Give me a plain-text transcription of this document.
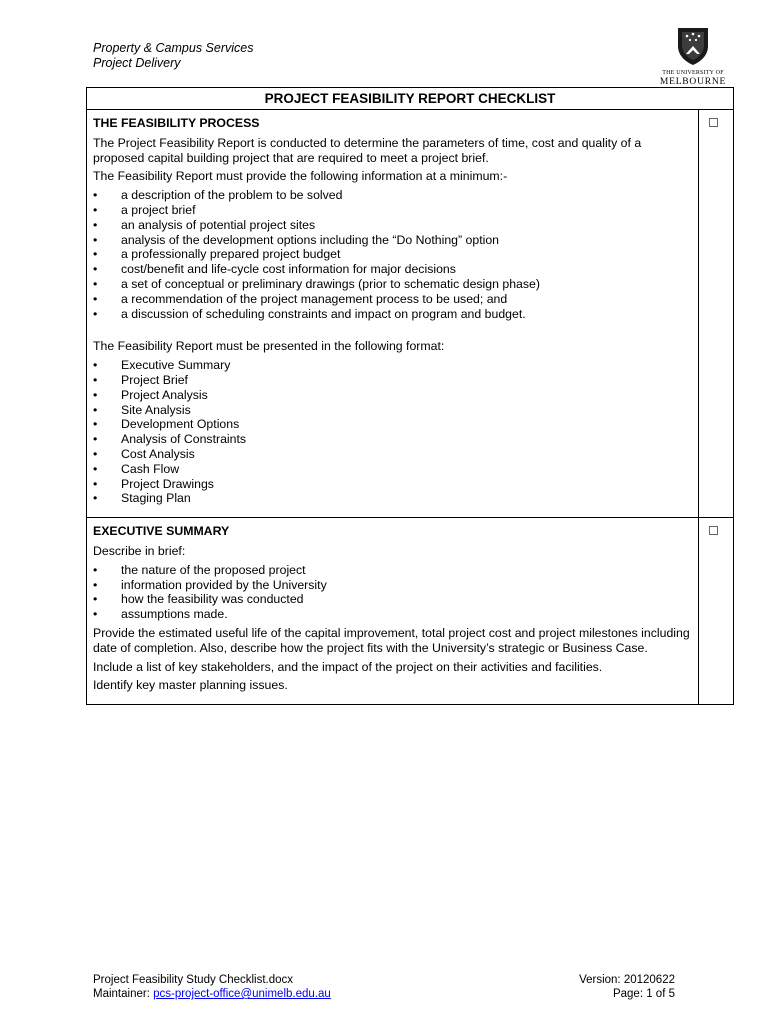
Property & Campus Services
Project Delivery
THE UNIVERSITY OF
MELBOURNE
PROJECT FEASIBILITY REPORT CHECKLIST
THE FEASIBILITY PROCESS

The Project Feasibility Report is conducted to determine the parameters of time, cost and quality of a proposed capital building project that are required to meet a project brief.

The Feasibility Report must provide the following information at a minimum:-

• a description of the problem to be solved
• a project brief
• an analysis of potential project sites
• analysis of the development options including the “Do Nothing” option
• a professionally prepared project budget
• cost/benefit and life-cycle cost information for major decisions
• a set of conceptual or preliminary drawings (prior to schematic design phase)
• a recommendation of the project management process to be used; and
• a discussion of scheduling constraints and impact on program and budget.

The Feasibility Report must be presented in the following format:

• Executive Summary
• Project Brief
• Project Analysis
• Site Analysis
• Development Options
• Analysis of Constraints
• Cost Analysis
• Cash Flow
• Project Drawings
• Staging Plan
EXECUTIVE SUMMARY

Describe in brief:

• the nature of the proposed project
• information provided by the University
• how the feasibility was conducted
• assumptions made.

Provide the estimated useful life of the capital improvement, total project cost and project milestones including date of completion. Also, describe how the project fits with the University’s strategic or Business Case.

Include a list of key stakeholders, and the impact of the project on their activities and facilities.

Identify key master planning issues.

Project Feasibility Study Checklist.docx
Maintainer: pcs-project-office@unimelb.edu.au
Version: 20120622
Page: 1 of 5
